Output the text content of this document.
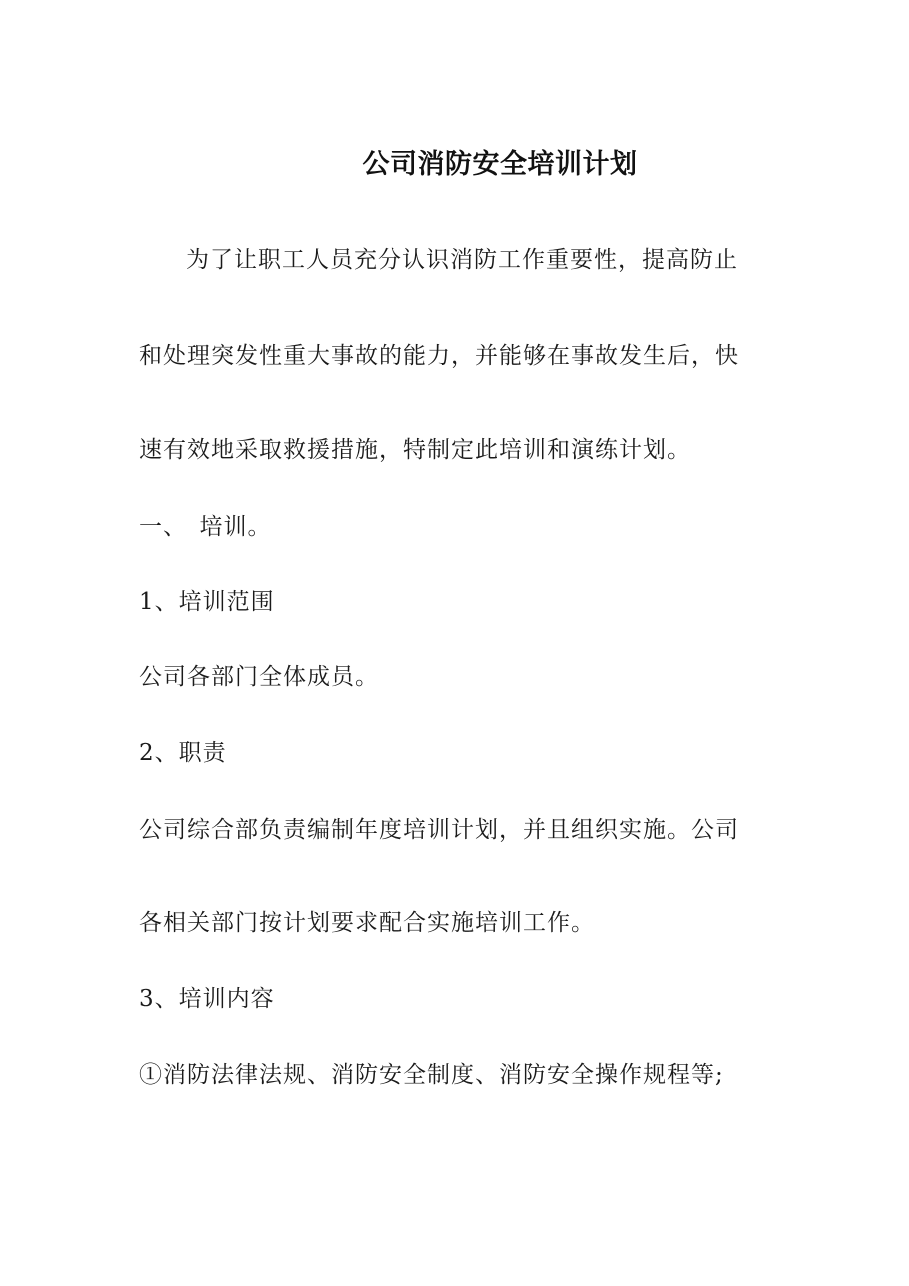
公司消防安全培训计划
为了让职工人员充分认识消防工作重要性，提高防止
和处理突发性重大事故的能力，并能够在事故发生后，快
速有效地采取救援措施，特制定此培训和演练计划。
一、　培训。
1、培训范围
公司各部门全体成员。
2、职责
公司综合部负责编制年度培训计划，并且组织实施。公司
各相关部门按计划要求配合实施培训工作。
3、培训内容
①消防法律法规、消防安全制度、消防安全操作规程等;
